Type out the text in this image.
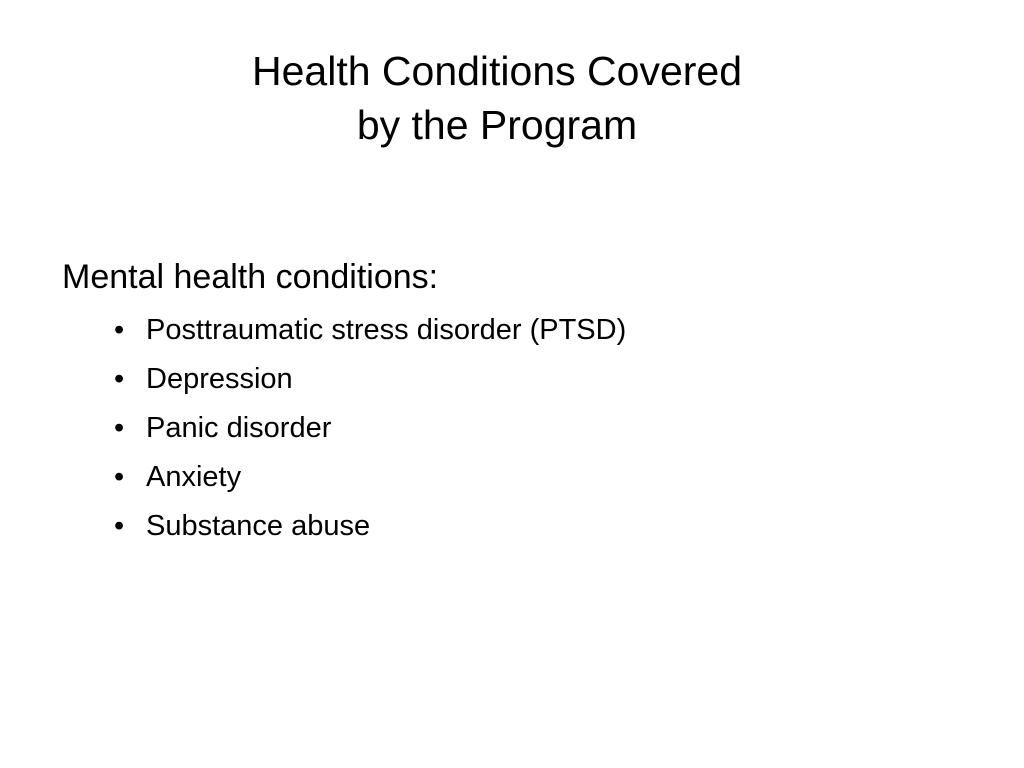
Health Conditions Covered
by the Program
Mental health conditions:
• Posttraumatic stress disorder (PTSD)
• Depression
• Panic disorder
• Anxiety
• Substance abuse
